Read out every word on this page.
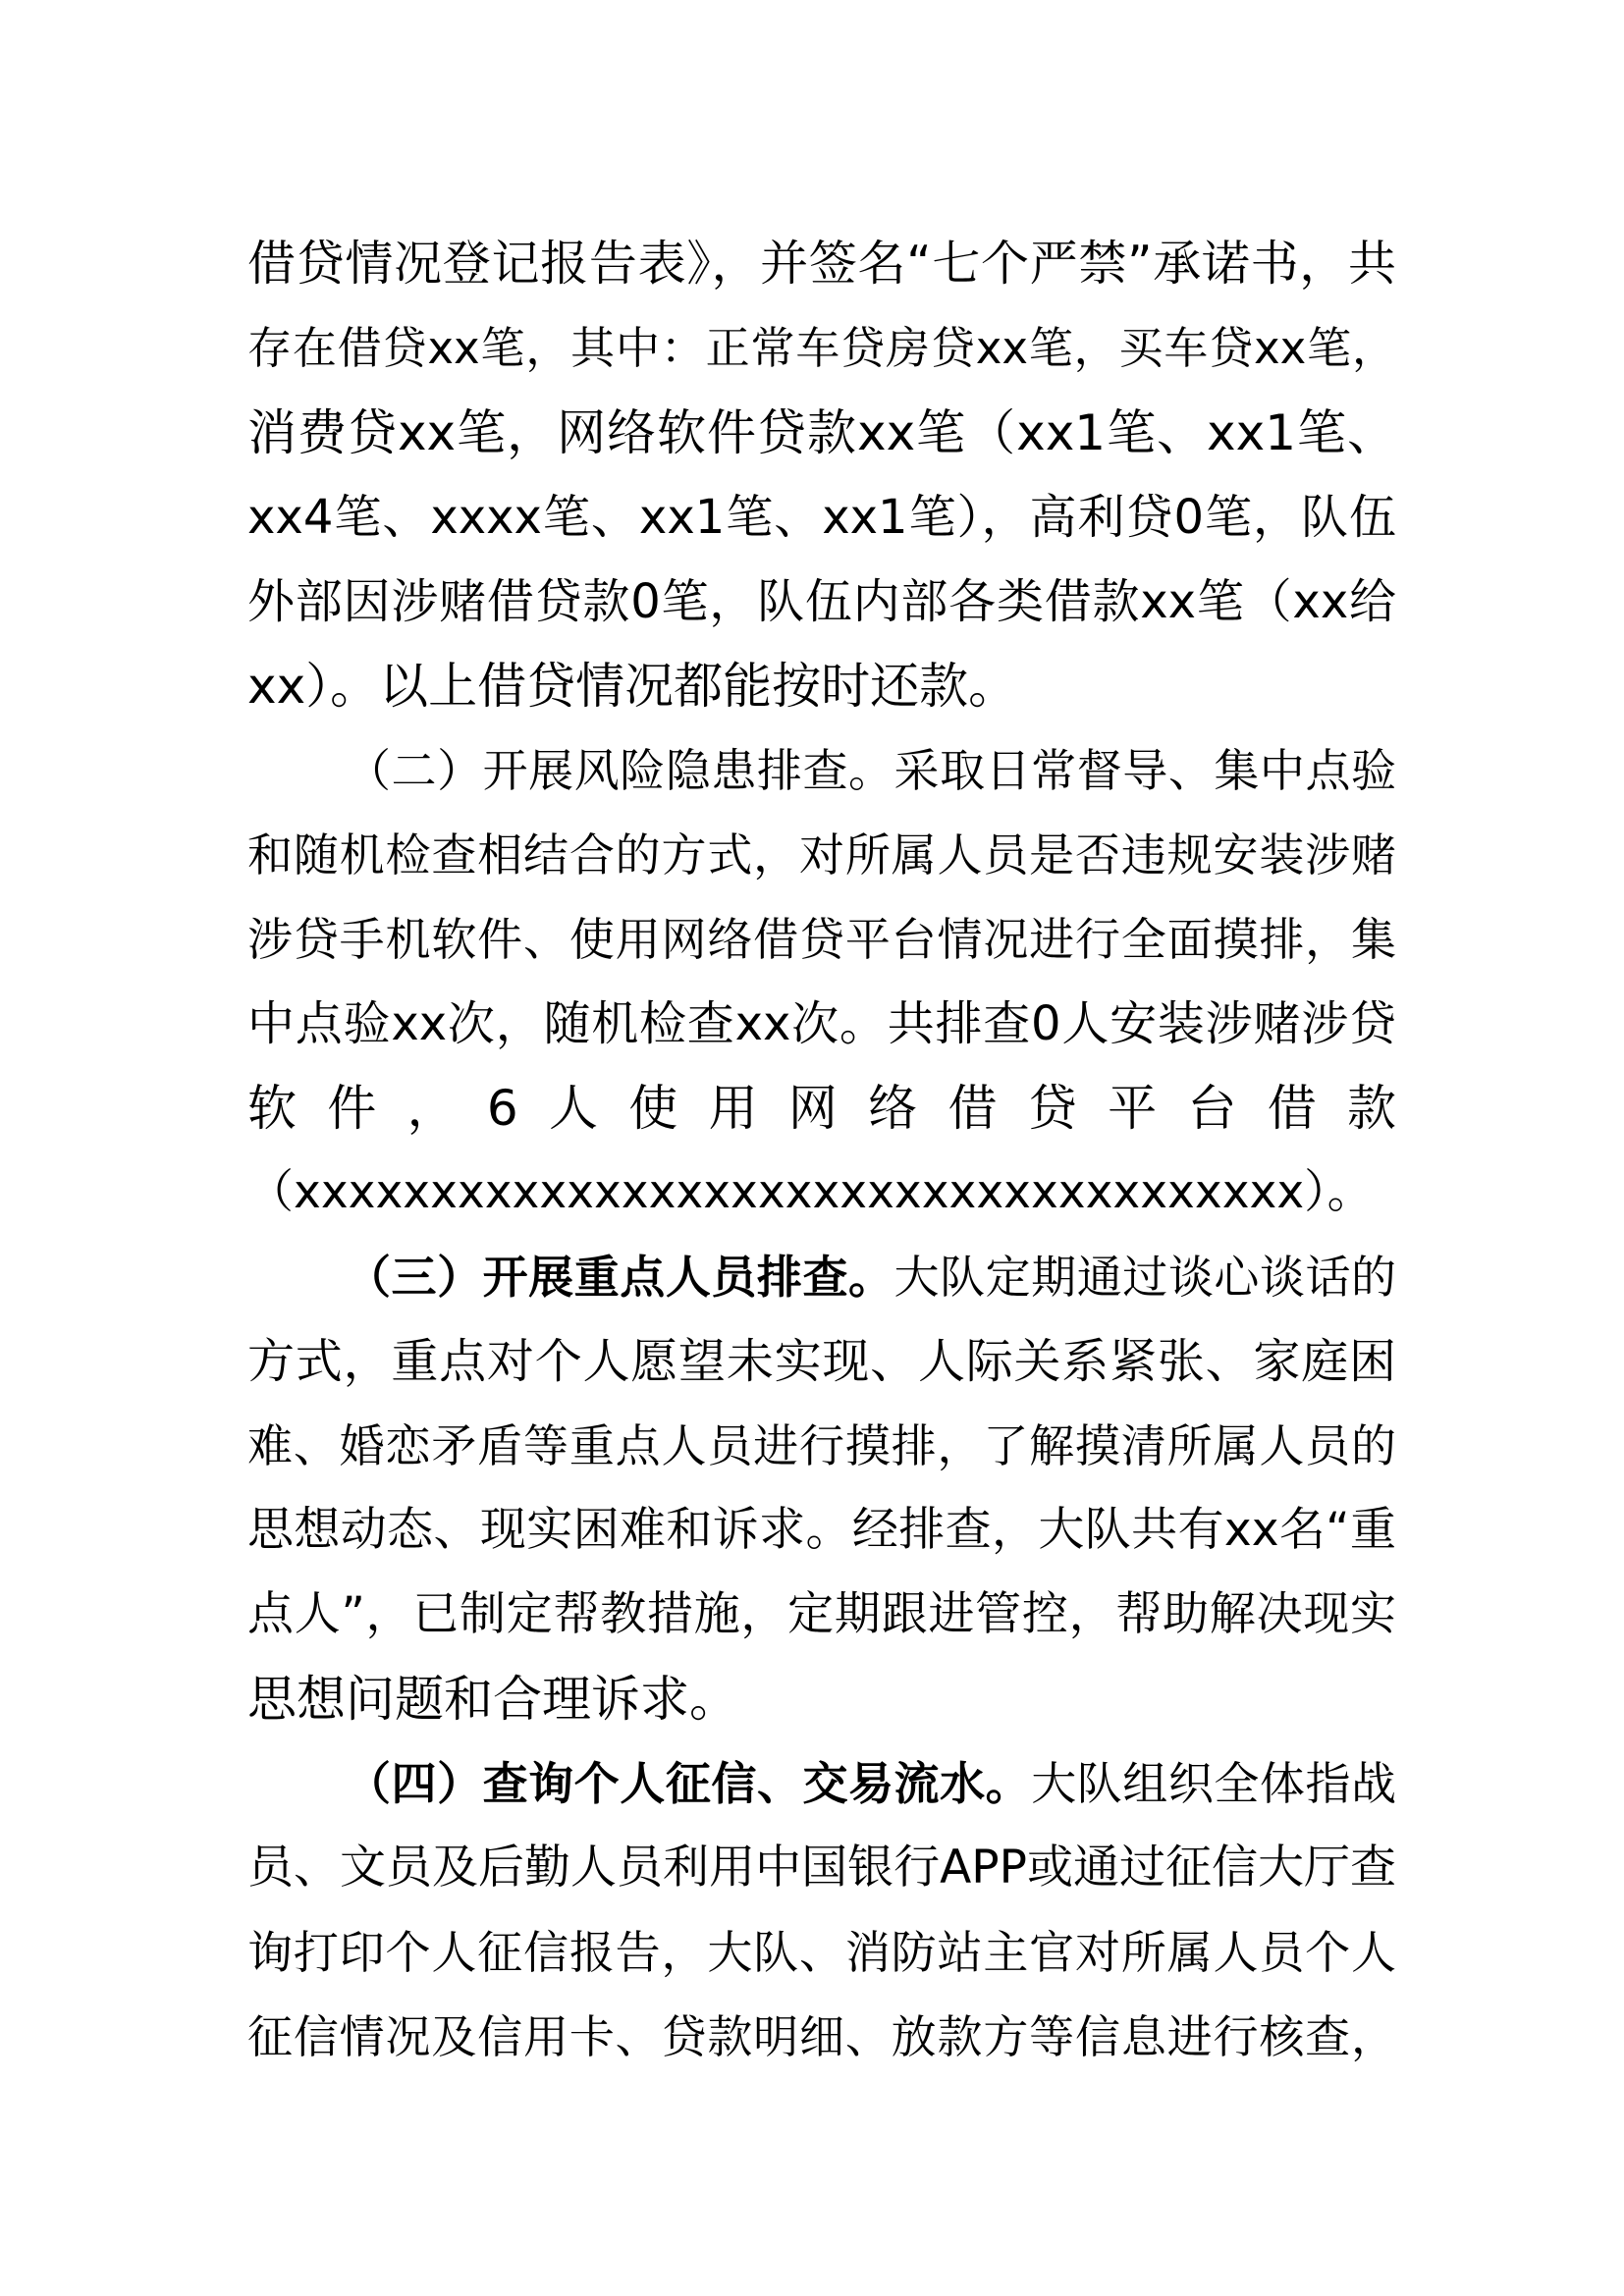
借贷情况登记报告表》，并签名“七个严禁”承诺书，共
存在借贷xx笔，其中：正常车贷房贷xx笔，买车贷xx笔，
消费贷xx笔，网络软件贷款xx笔（xx1笔、xx1笔、
xx4笔、xxxx笔、xx1笔、xx1笔），高利贷0笔，队伍
外部因涉赌借贷款0笔，队伍内部各类借款xx笔（xx给
xx）。以上借贷情况都能按时还款。
（二）开展风险隐患排查。采取日常督导、集中点验
和随机检查相结合的方式，对所属人员是否违规安装涉赌
涉贷手机软件、使用网络借贷平台情况进行全面摸排，集
中点验xx次，随机检查xx次。共排查0人安装涉赌涉贷
软件，6人使用网络借贷平台借款
（xxxxxxxxxxxxxxxxxxxxxxxxxxxxxxxxxxxxx）。
（三）开展重点人员排查。大队定期通过谈心谈话的
方式，重点对个人愿望未实现、人际关系紧张、家庭困
难、婚恋矛盾等重点人员进行摸排，了解摸清所属人员的
思想动态、现实困难和诉求。经排查，大队共有xx名“重
点人”，已制定帮教措施，定期跟进管控，帮助解决现实
思想问题和合理诉求。
（四）查询个人征信、交易流水。大队组织全体指战
员、文员及后勤人员利用中国银行APP或通过征信大厅查
询打印个人征信报告，大队、消防站主官对所属人员个人
征信情况及信用卡、贷款明细、放款方等信息进行核查，
